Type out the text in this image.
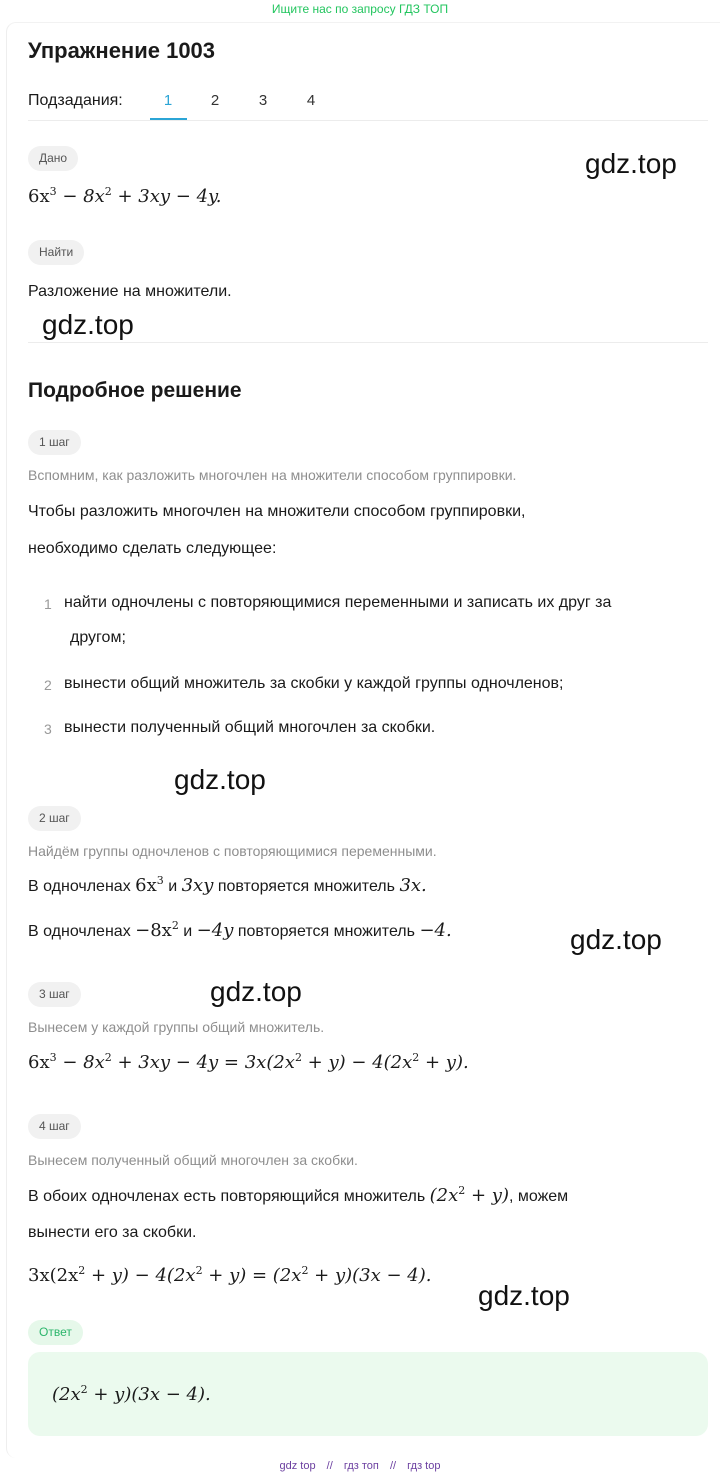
Ищите нас по запросу ГДЗ ТОП
Упражнение 1003
Подзадания:	1	2	3	4
Дано
$6x^3 - 8x^2 + 3xy - 4y$.
gdz.top
Найти
Разложение на множители.
gdz.top
Подробное решение
1 шаг
Вспомним, как разложить многочлен на множители способом группировки.
Чтобы разложить многочлен на множители способом группировки,
необходимо сделать следующее:
1 найти одночлены с повторяющимися переменными и записать их друг за
другом;
2 вынести общий множитель за скобки у каждой группы одночленов;
3 вынести полученный общий многочлен за скобки.
gdz.top
2 шаг
Найдём группы одночленов с повторяющимися переменными.
В одночленах $6x^3$ и 3xy повторяется множитель 3x.
В одночленах $-8x^2$ и −4y повторяется множитель −4.	gdz.top
3 шаг	gdz.top
Вынесем у каждой группы общий множитель.
$6x^3 - 8x^2 + 3xy - 4y = 3x(2x^2 + y) - 4(2x^2 + y)$.
4 шаг
Вынесем полученный общий многочлен за скобки.
В обоих одночленах есть повторяющийся множитель $(2x^2 + y)$, можем
вынести его за скобки.
$3x(2x^2 + y) - 4(2x^2 + y) = (2x^2 + y)(3x - 4)$.
gdz.top
Ответ
$(2x^2 + y)(3x - 4)$.
gdz top // гдз топ // гдз top
